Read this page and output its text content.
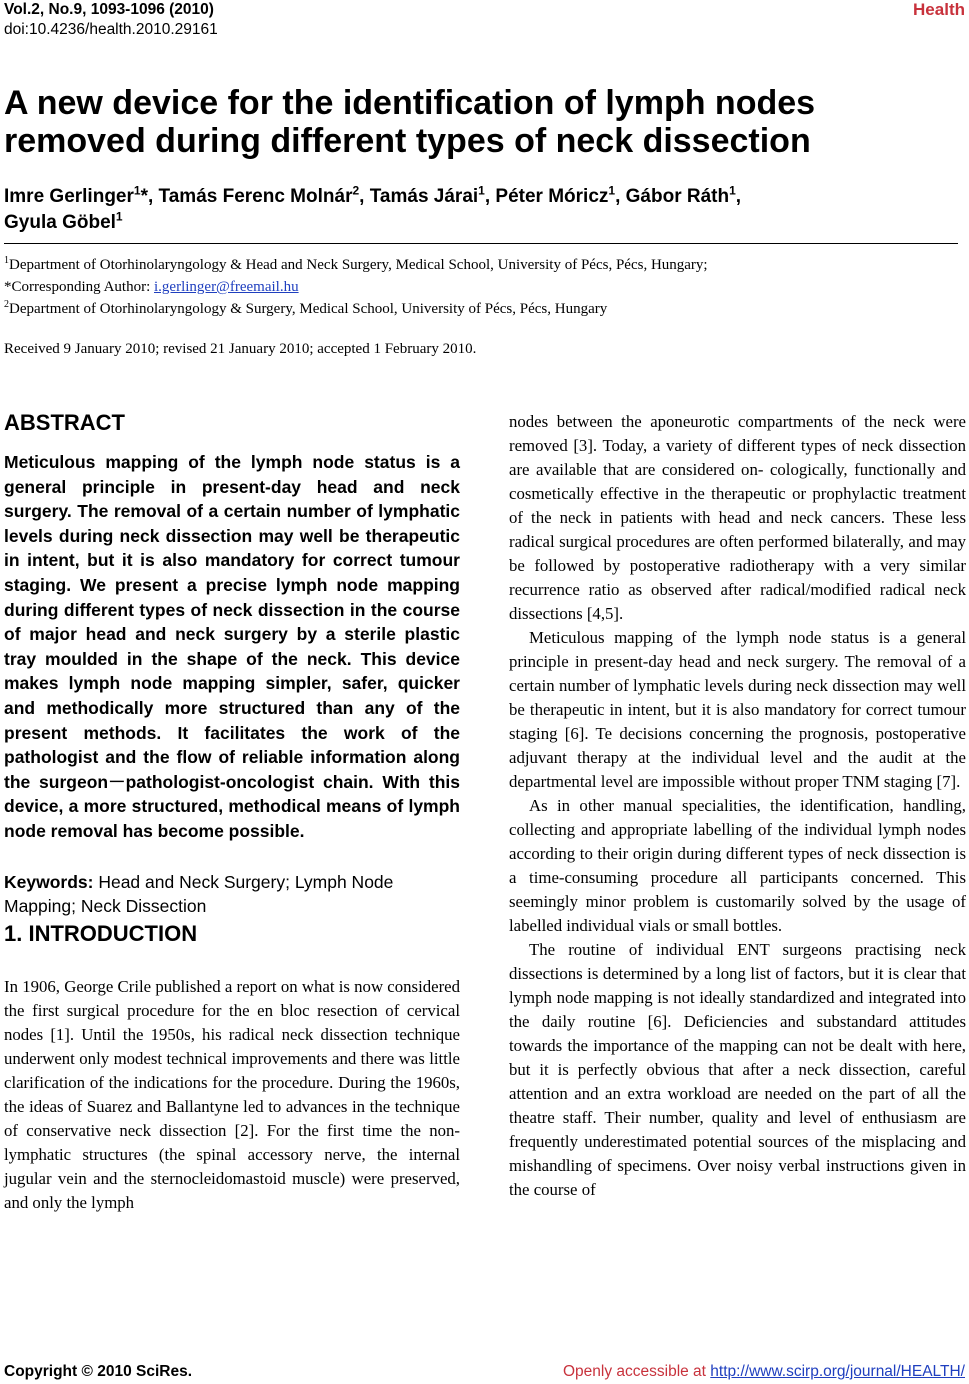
Vol.2, No.9, 1093-1096 (2010)
doi:10.4236/health.2010.29161
Health
A new device for the identification of lymph nodes removed during different types of neck dissection
Imre Gerlinger$^1$*, Tamás Ferenc Molnár$^2$, Tamás Járai$^1$, Péter Móricz$^1$, Gábor Ráth$^1$,
Gyula Göbel$^1$
$^1$Department of Otorhinolaryngology & Head and Neck Surgery, Medical School, University of Pécs, Pécs, Hungary;
*Corresponding Author: i.gerlinger@freemail.hu
$^2$Department of Otorhinolaryngology & Surgery, Medical School, University of Pécs, Pécs, Hungary
Received 9 January 2010; revised 21 January 2010; accepted 1 February 2010.
ABSTRACT

Meticulous mapping of the lymph node status is a general principle in present-day head and neck surgery. The removal of a certain number of lymphatic levels during neck dissection may well be therapeutic in intent, but it is also mandatory for correct tumour staging. We present a precise lymph node mapping during different types of neck dissection in the course of major head and neck surgery by a sterile plastic tray moulded in the shape of the neck. This device makes lymph node mapping simpler, safer, quicker and methodically more structured than any of the present methods. It facilitates the work of the pathologist and the flow of reliable information along the surgeon－pathologist-oncologist chain. With this device, a more structured, methodical means of lymph node removal has become possible.

Keywords: Head and Neck Surgery; Lymph Node Mapping; Neck Dissection

1. INTRODUCTION

In 1906, George Crile published a report on what is now considered the first surgical procedure for the en bloc resection of cervical nodes [1]. Until the 1950s, his radical neck dissection technique underwent only modest technical improvements and there was little clarification of the indications for the procedure. During the 1960s, the ideas of Suarez and Ballantyne led to advances in the technique of conservative neck dissection [2]. For the first time the non-lymphatic structures (the spinal accessory nerve, the internal jugular vein and the sternocleidomastoid muscle) were preserved, and only the lymph

nodes between the aponeurotic compartments of the neck were removed [3]. Today, a variety of different types of neck dissection are available that are considered on- cologically, functionally and cosmetically effective in the therapeutic or prophylactic treatment of the neck in patients with head and neck cancers. These less radical surgical procedures are often performed bilaterally, and may be followed by postoperative radiotherapy with a very similar recurrence ratio as observed after radical/modified radical neck dissections [4,5].

Meticulous mapping of the lymph node status is a general principle in present-day head and neck surgery. The removal of a certain number of lymphatic levels during neck dissection may well be therapeutic in intent, but it is also mandatory for correct tumour staging [6]. Te decisions concerning the prognosis, postoperative adjuvant therapy at the individual level and the audit at the departmental level are impossible without proper TNM staging [7].

As in other manual specialities, the identification, handling, collecting and appropriate labelling of the individual lymph nodes according to their origin during different types of neck dissection is a time-consuming procedure all participants concerned. This seemingly minor problem is customarily solved by the usage of labelled individual vials or small bottles.

The routine of individual ENT surgeons practising neck dissections is determined by a long list of factors, but it is clear that lymph node mapping is not ideally standardized and integrated into the daily routine [6]. Deficiencies and substandard attitudes towards the importance of the mapping can not be dealt with here, but it is perfectly obvious that after a neck dissection, careful attention and an extra workload are needed on the part of all the theatre staff. Their number, quality and level of enthusiasm are frequently underestimated potential sources of the misplacing and mishandling of specimens. Over noisy verbal instructions given in the course of

Copyright © 2010 SciRes.	Openly accessible at http://www.scirp.org/journal/HEALTH/
